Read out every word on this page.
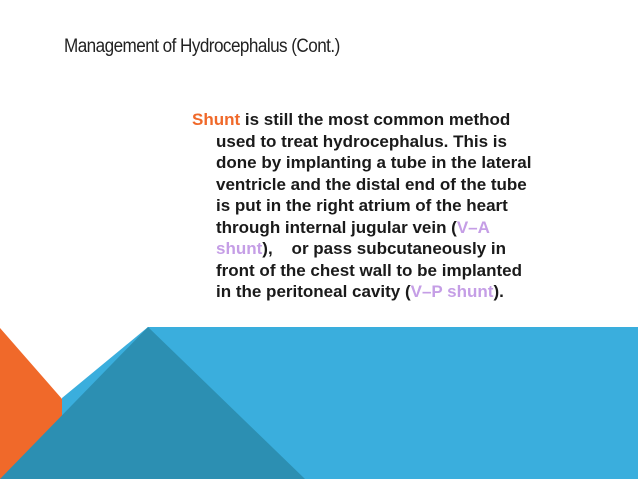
Management of Hydrocephalus (Cont.)
Shunt is still the most common method
used to treat hydrocephalus. This is
done by implanting a tube in the lateral
ventricle and the distal end of the tube
is put in the right atrium of the heart
through internal jugular vein (V–A
shunt),    or pass subcutaneously in
front of the chest wall to be implanted
in the peritoneal cavity (V–P shunt).
